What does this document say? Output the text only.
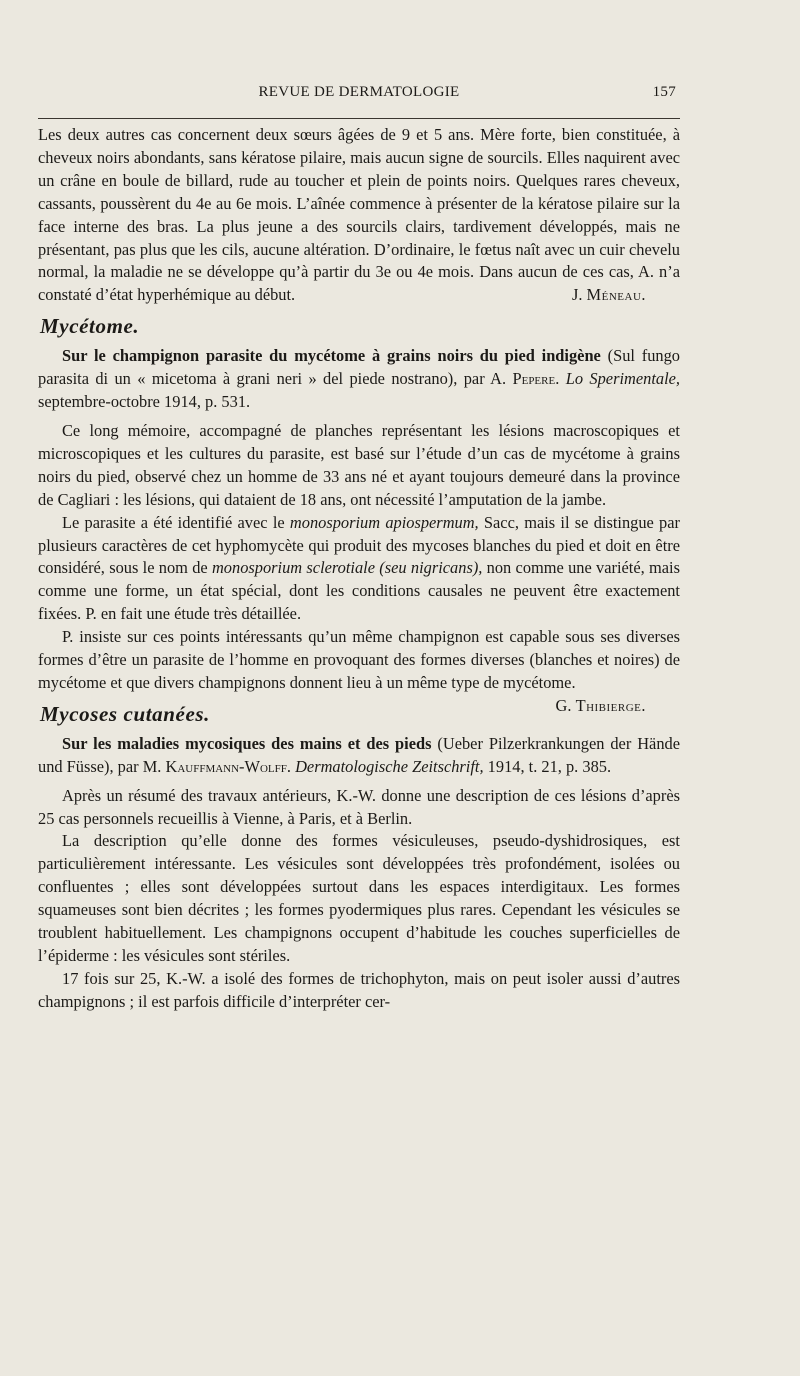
REVUE DE DERMATOLOGIE	157

Les deux autres cas concernent deux sœurs âgées de 9 et 5 ans. Mère forte, bien constituée, à cheveux noirs abondants, sans kératose pilaire, mais aucun signe de sourcils. Elles naquirent avec un crâne en boule de billard, rude au toucher et plein de points noirs. Quelques rares cheveux, cassants, poussèrent du 4e au 6e mois. L’aînée commence à présenter de la kératose pilaire sur la face interne des bras. La plus jeune a des sourcils clairs, tardivement développés, mais ne présentant, pas plus que les cils, aucune altération. D’ordinaire, le fœtus naît avec un cuir chevelu normal, la maladie ne se développe qu’à partir du 3e ou 4e mois. Dans aucun de ces cas, A. n’a constaté d’état hyperhémique au début.	J. Méneau.

Mycétome.

Sur le champignon parasite du mycétome à grains noirs du pied indigène (Sul fungo parasita di un « micetoma à grani neri » del piede nostrano), par A. Pepere. Lo Sperimentale, septembre-octobre 1914, p. 531.

Ce long mémoire, accompagné de planches représentant les lésions macroscopiques et microscopiques et les cultures du parasite, est basé sur l’étude d’un cas de mycétome à grains noirs du pied, observé chez un homme de 33 ans né et ayant toujours demeuré dans la province de Cagliari : les lésions, qui dataient de 18 ans, ont nécessité l’amputation de la jambe.

Le parasite a été identifié avec le monosporium apiospermum, Sacc, mais il se distingue par plusieurs caractères de cet hyphomycète qui produit des mycoses blanches du pied et doit en être considéré, sous le nom de monosporium sclerotiale (seu nigricans), non comme une variété, mais comme une forme, un état spécial, dont les conditions causales ne peuvent être exactement fixées. P. en fait une étude très détaillée.

P. insiste sur ces points intéressants qu’un même champignon est capable sous ses diverses formes d’être un parasite de l’homme en provoquant des formes diverses (blanches et noires) de mycétome et que divers champignons donnent lieu à un même type de mycétome.
G. Thibierge.

Mycoses cutanées.

Sur les maladies mycosiques des mains et des pieds (Ueber Pilzerkrankungen der Hände und Füsse), par M. Kauffmann-Wolff. Dermatologische Zeitschrift, 1914, t. 21, p. 385.

Après un résumé des travaux antérieurs, K.-W. donne une description de ces lésions d’après 25 cas personnels recueillis à Vienne, à Paris, et à Berlin.

La description qu’elle donne des formes vésiculeuses, pseudo-dyshidrosiques, est particulièrement intéressante. Les vésicules sont développées très profondément, isolées ou confluentes ; elles sont développées surtout dans les espaces interdigitaux. Les formes squameuses sont bien décrites ; les formes pyodermiques plus rares. Cependant les vésicules se troublent habituellement. Les champignons occupent d’habitude les couches superficielles de l’épiderme : les vésicules sont stériles.

17 fois sur 25, K.-W. a isolé des formes de trichophyton, mais on peut isoler aussi d’autres champignons ; il est parfois difficile d’interpréter cer-
